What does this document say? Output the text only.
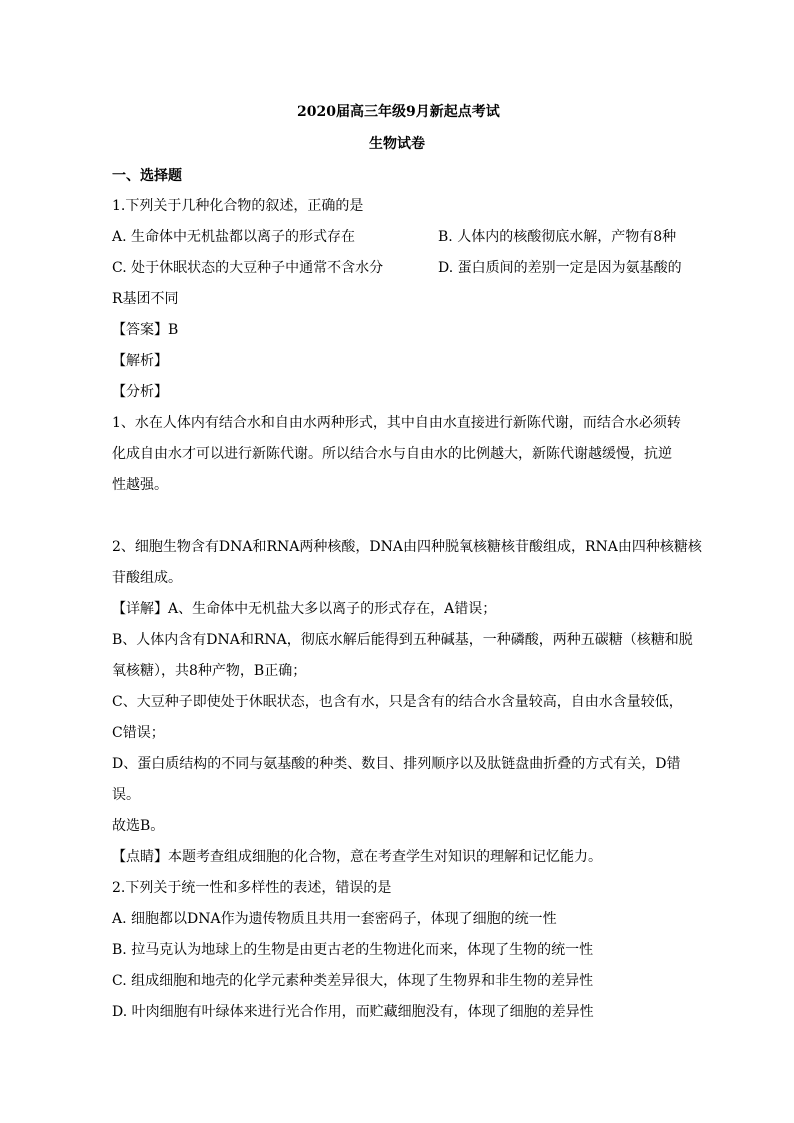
2020届高三年级9月新起点考试
生物试卷
一、选择题
1.下列关于几种化合物的叙述，正确的是
A. 生命体中无机盐都以离子的形式存在	B. 人体内的核酸彻底水解，产物有8种
C. 处于休眠状态的大豆种子中通常不含水分	D. 蛋白质间的差别一定是因为氨基酸的
R基团不同
【答案】B
【解析】
【分析】
1、水在人体内有结合水和自由水两种形式，其中自由水直接进行新陈代谢，而结合水必须转
化成自由水才可以进行新陈代谢。所以结合水与自由水的比例越大，新陈代谢越缓慢，抗逆
性越强。
2、细胞生物含有DNA和RNA两种核酸，DNA由四种脱氧核糖核苷酸组成，RNA由四种核糖核
苷酸组成。
【详解】A、生命体中无机盐大多以离子的形式存在，A错误；
B、人体内含有DNA和RNA，彻底水解后能得到五种碱基，一种磷酸，两种五碳糖（核糖和脱
氧核糖），共8种产物，B正确；
C、大豆种子即使处于休眠状态，也含有水，只是含有的结合水含量较高，自由水含量较低，
C错误；
D、蛋白质结构的不同与氨基酸的种类、数目、排列顺序以及肽链盘曲折叠的方式有关，D错
误。
故选B。
【点睛】本题考查组成细胞的化合物，意在考查学生对知识的理解和记忆能力。
2.下列关于统一性和多样性的表述，错误的是
A. 细胞都以DNA作为遗传物质且共用一套密码子，体现了细胞的统一性
B. 拉马克认为地球上的生物是由更古老的生物进化而来，体现了生物的统一性
C. 组成细胞和地壳的化学元素种类差异很大，体现了生物界和非生物的差异性
D. 叶肉细胞有叶绿体来进行光合作用，而贮藏细胞没有，体现了细胞的差异性
